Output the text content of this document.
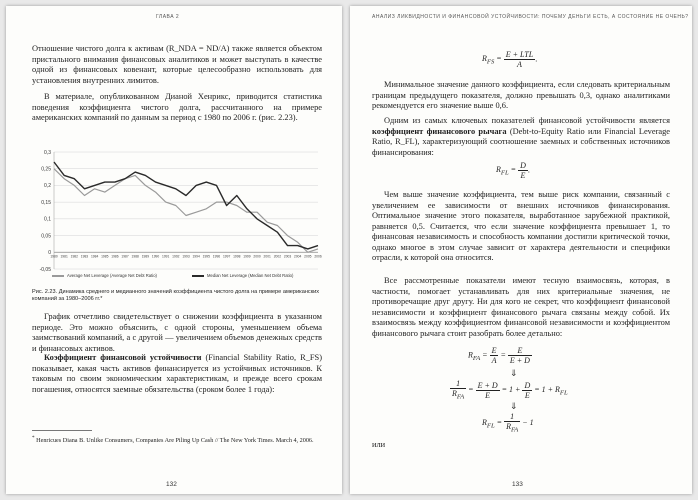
ГЛАВА 2

Отношение чистого долга к активам (R_NDA = ND/A) также является объектом пристального внимания финансовых аналитиков и может выступать в качестве одной из финансовых ковенант, которые целесообразно использовать для установления внутренних лимитов.

В материале, опубликованном Дианой Хенрикс, приводится статистика поведения коэффициента чистого долга, рассчитанного на примере американских компаний по данным за период с 1980 по 2006 г. (рис. 2.23).

0,3
0,25
0,2
0,15
0,1
0,05
0
-0,05
1980 1981 1982 1983 1984 1985 1986 1987 1988 1989 1990 1991 1992 1993 1994 1995 1996 1997 1998 1999 2000 2001 2002 2003 2004 2005 2006
Average Net Leverage (Average Net Debt Ratio)	Median Net Leverage (Median Net Debt Ratio)
Рис. 2.23. Динамика среднего и медианного значений коэффициента чистого долга на примере американских компаний за 1980–2006 гг.*

График отчетливо свидетельствует о снижении коэффициента в указанном периоде. Это можно объяснить, с одной стороны, уменьшением объема заимствований компаний, а с другой — увеличением объемов денежных средств и финансовых активов.

Коэффициент финансовой устойчивости (Financial Stability Ratio, R_FS) показывает, какая часть активов финансируется из устойчивых источников. К таковым по своим экономическим характеристикам, и прежде всего срокам погашения, относятся заемные обязательства (сроком более 1 года):

* Henricues Diana B. Unlike Consumers, Companies Are Piling Up Cash // The New York Times. March 4, 2006.
132
АНАЛИЗ ЛИКВИДНОСТИ И ФИНАНСОВОЙ УСТОЙЧИВОСТИ: ПОЧЕМУ ДЕНЬГИ ЕСТЬ, А СОСТОЯНИЕ НЕ ОЧЕНЬ?
$R_{FS} = \frac{\text{E + LTL}}{A}$ .

Минимальное значение данного коэффициента, если следовать критериальным границам предыдущего показателя, должно превышать 0,3, однако аналитиками рекомендуется его значение выше 0,6.

Одним из самых ключевых показателей финансовой устойчивости является коэффициент финансового рычага (Debt-to-Equity Ratio или Financial Leverage Ratio, R_FL), характеризующий соотношение заемных и собственных источников финансирования:

$R_{FL} = \frac{D}{E}$ .

Чем выше значение коэффициента, тем выше риск компании, связанный с увеличением ее зависимости от внешних источников финансирования. Оптимальное значение этого показателя, выработанное зарубежной практикой, равняется 0,5. Считается, что если значение коэффициента превышает 1, то финансовая независимость и способность компании достигли критической точки, однако многое в этом случае зависит от характера деятельности и специфики отрасли, к которой она относится.

Все рассмотренные показатели имеют тесную взаимосвязь, которая, в частности, помогает устанавливать для них критериальные значения, не противоречащие друг другу. Ни для кого не секрет, что коэффициент финансовой независимости и коэффициент финансового рычага связаны между собой. Их взаимосвязь между коэффициентом финансовой независимости и коэффициентом финансового рычага стоит разобрать более детально:

$R_{FA} = \frac{E}{A} = \frac{E}{E + D}$
⇓
$\frac{1}{R_{FA}} = \frac{E + D}{E} = 1 + \frac{D}{E} = 1 + R_{FL}$
⇓
$R_{FL} = \frac{1}{R_{FA}} - 1$
или
133
